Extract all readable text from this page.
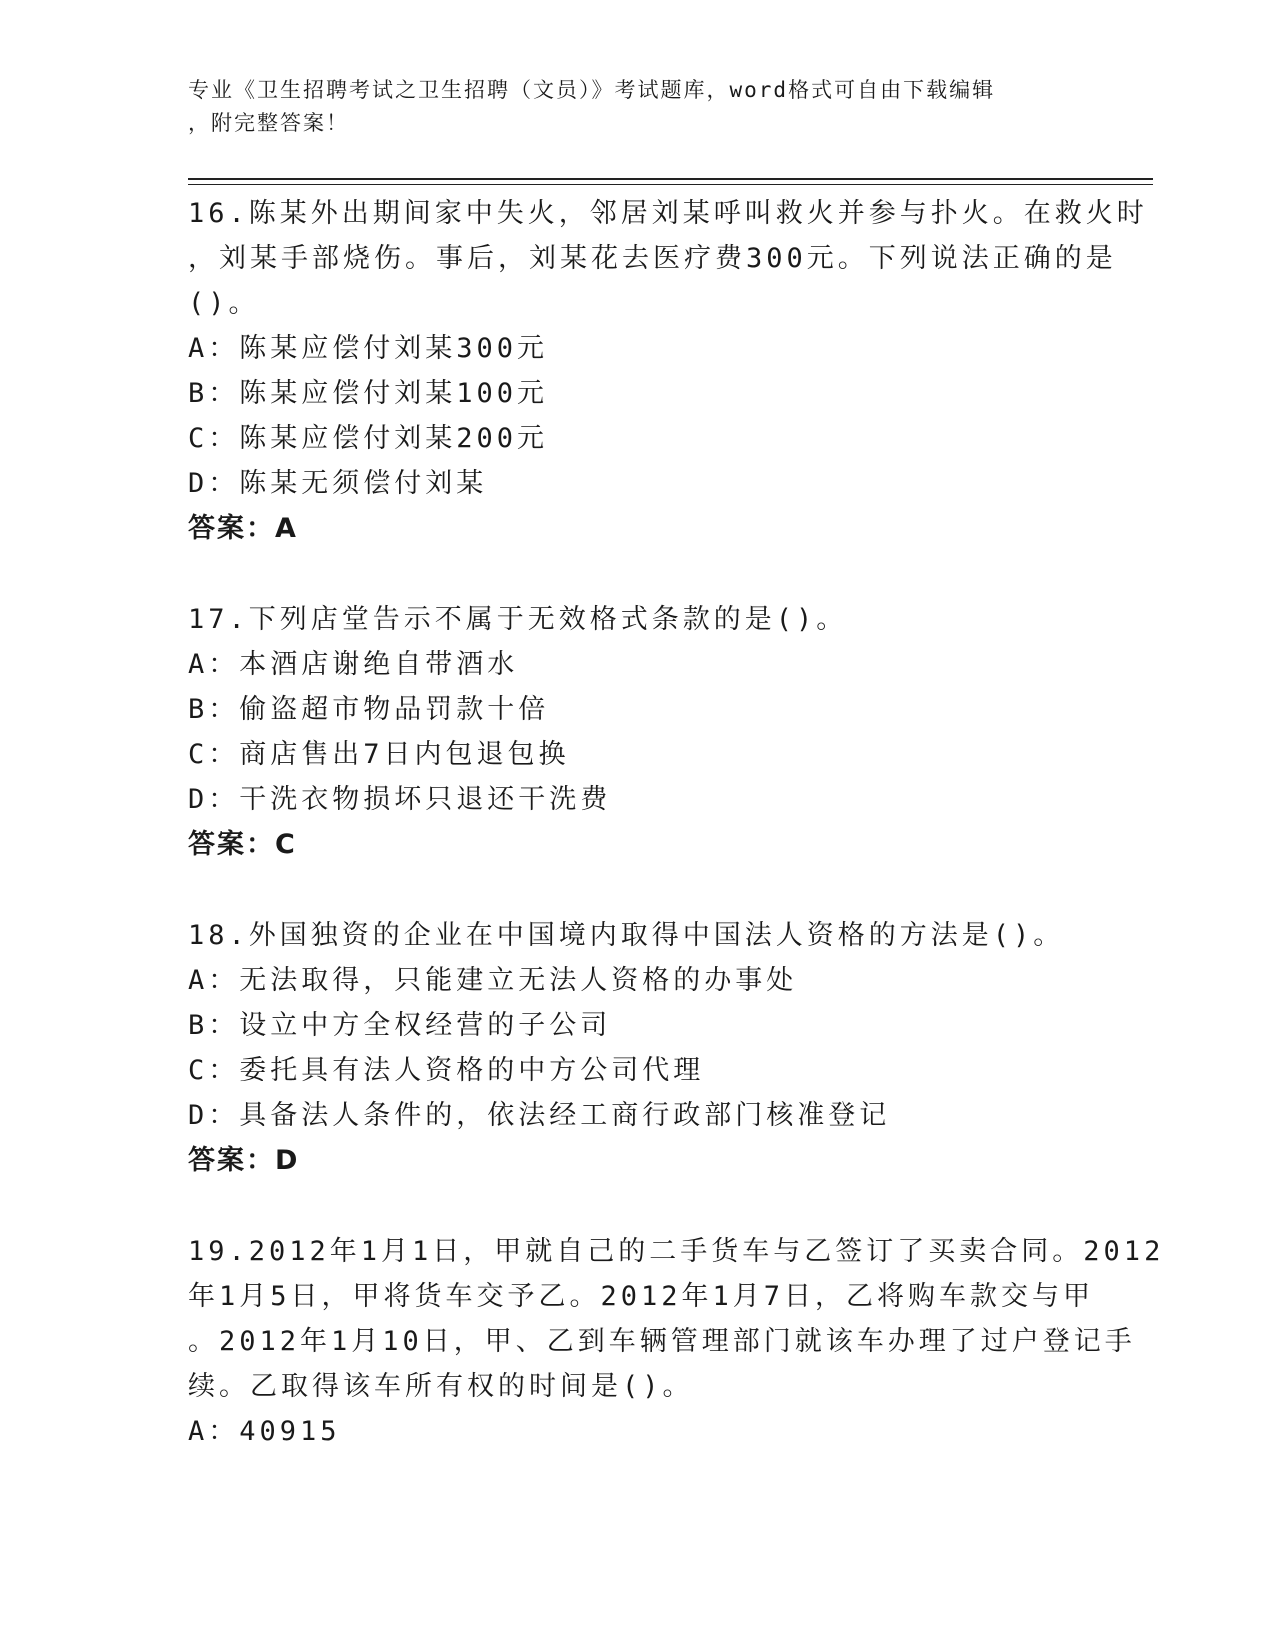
专业《卫生招聘考试之卫生招聘（文员）》考试题库，word格式可自由下载编辑
，附完整答案！
16.陈某外出期间家中失火，邻居刘某呼叫救火并参与扑火。在救火时
，刘某手部烧伤。事后，刘某花去医疗费300元。下列说法正确的是
()。
A：陈某应偿付刘某300元
B：陈某应偿付刘某100元
C：陈某应偿付刘某200元
D：陈某无须偿付刘某
答案：A
17.下列店堂告示不属于无效格式条款的是()。
A：本酒店谢绝自带酒水
B：偷盗超市物品罚款十倍
C：商店售出7日内包退包换
D：干洗衣物损坏只退还干洗费
答案：C
18.外国独资的企业在中国境内取得中国法人资格的方法是()。
A：无法取得，只能建立无法人资格的办事处
B：设立中方全权经营的子公司
C：委托具有法人资格的中方公司代理
D：具备法人条件的，依法经工商行政部门核准登记
答案：D
19.2012年1月1日，甲就自己的二手货车与乙签订了买卖合同。2012
年1月5日，甲将货车交予乙。2012年1月7日，乙将购车款交与甲
。2012年1月10日，甲、乙到车辆管理部门就该车办理了过户登记手
续。乙取得该车所有权的时间是()。
A：40915
